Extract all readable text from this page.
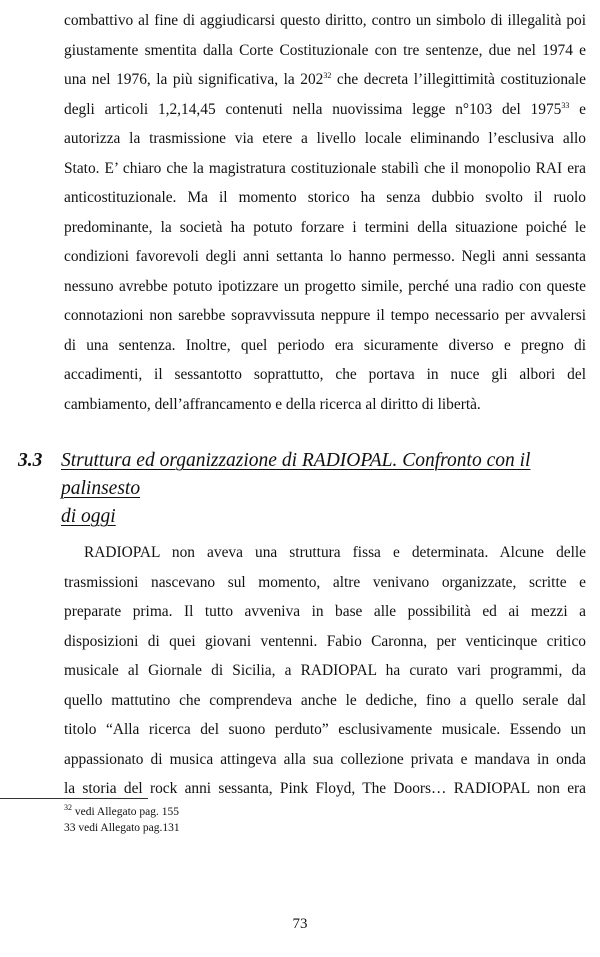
combattivo al fine di aggiudicarsi questo diritto, contro un simbolo di illegalità poi
giustamente smentita dalla Corte Costituzionale con tre sentenze, due nel 1974 e
una nel 1976, la più significativa, la $202^{32}$ che decreta l’illegittimità costituzionale
degli articoli 1,2,14,45 contenuti nella nuovissima legge n°103 del 1975$^{33}$ e
autorizza la trasmissione via etere a livello locale eliminando l’esclusiva allo
Stato. E’ chiaro che la magistratura costituzionale stabilì che il monopolio RAI era
anticostituzionale. Ma il momento storico ha senza dubbio svolto il ruolo
predominante, la società ha potuto forzare i termini della situazione poiché le
condizioni favorevoli degli anni settanta lo hanno permesso. Negli anni sessanta
nessuno avrebbe potuto ipotizzare un progetto simile, perché una radio con queste
connotazioni non sarebbe sopravvissuta neppure il tempo necessario per avvalersi
di una sentenza. Inoltre, quel periodo era sicuramente diverso e pregno di
accadimenti, il sessantotto soprattutto, che portava in nuce gli albori del
cambiamento, dell’affrancamento e della ricerca al diritto di libertà.
3.3 Struttura ed organizzazione di RADIOPAL. Confronto con il palinsesto
di oggi
RADIOPAL non aveva una struttura fissa e determinata. Alcune delle
trasmissioni nascevano sul momento, altre venivano organizzate, scritte e
preparate prima. Il tutto avveniva in base alle possibilità ed ai mezzi a
disposizioni di quei giovani ventenni. Fabio Caronna, per venticinque critico
musicale al Giornale di Sicilia, a RADIOPAL ha curato vari programmi, da
quello mattutino che comprendeva anche le dediche, fino a quello serale dal
titolo “Alla ricerca del suono perduto” esclusivamente musicale. Essendo un
appassionato di musica attingeva alla sua collezione privata e mandava in onda
la storia del rock anni sessanta, Pink Floyd, The Doors… RADIOPAL non era

$^{32}$ vedi Allegato pag. 155

33 vedi Allegato pag.131

73
